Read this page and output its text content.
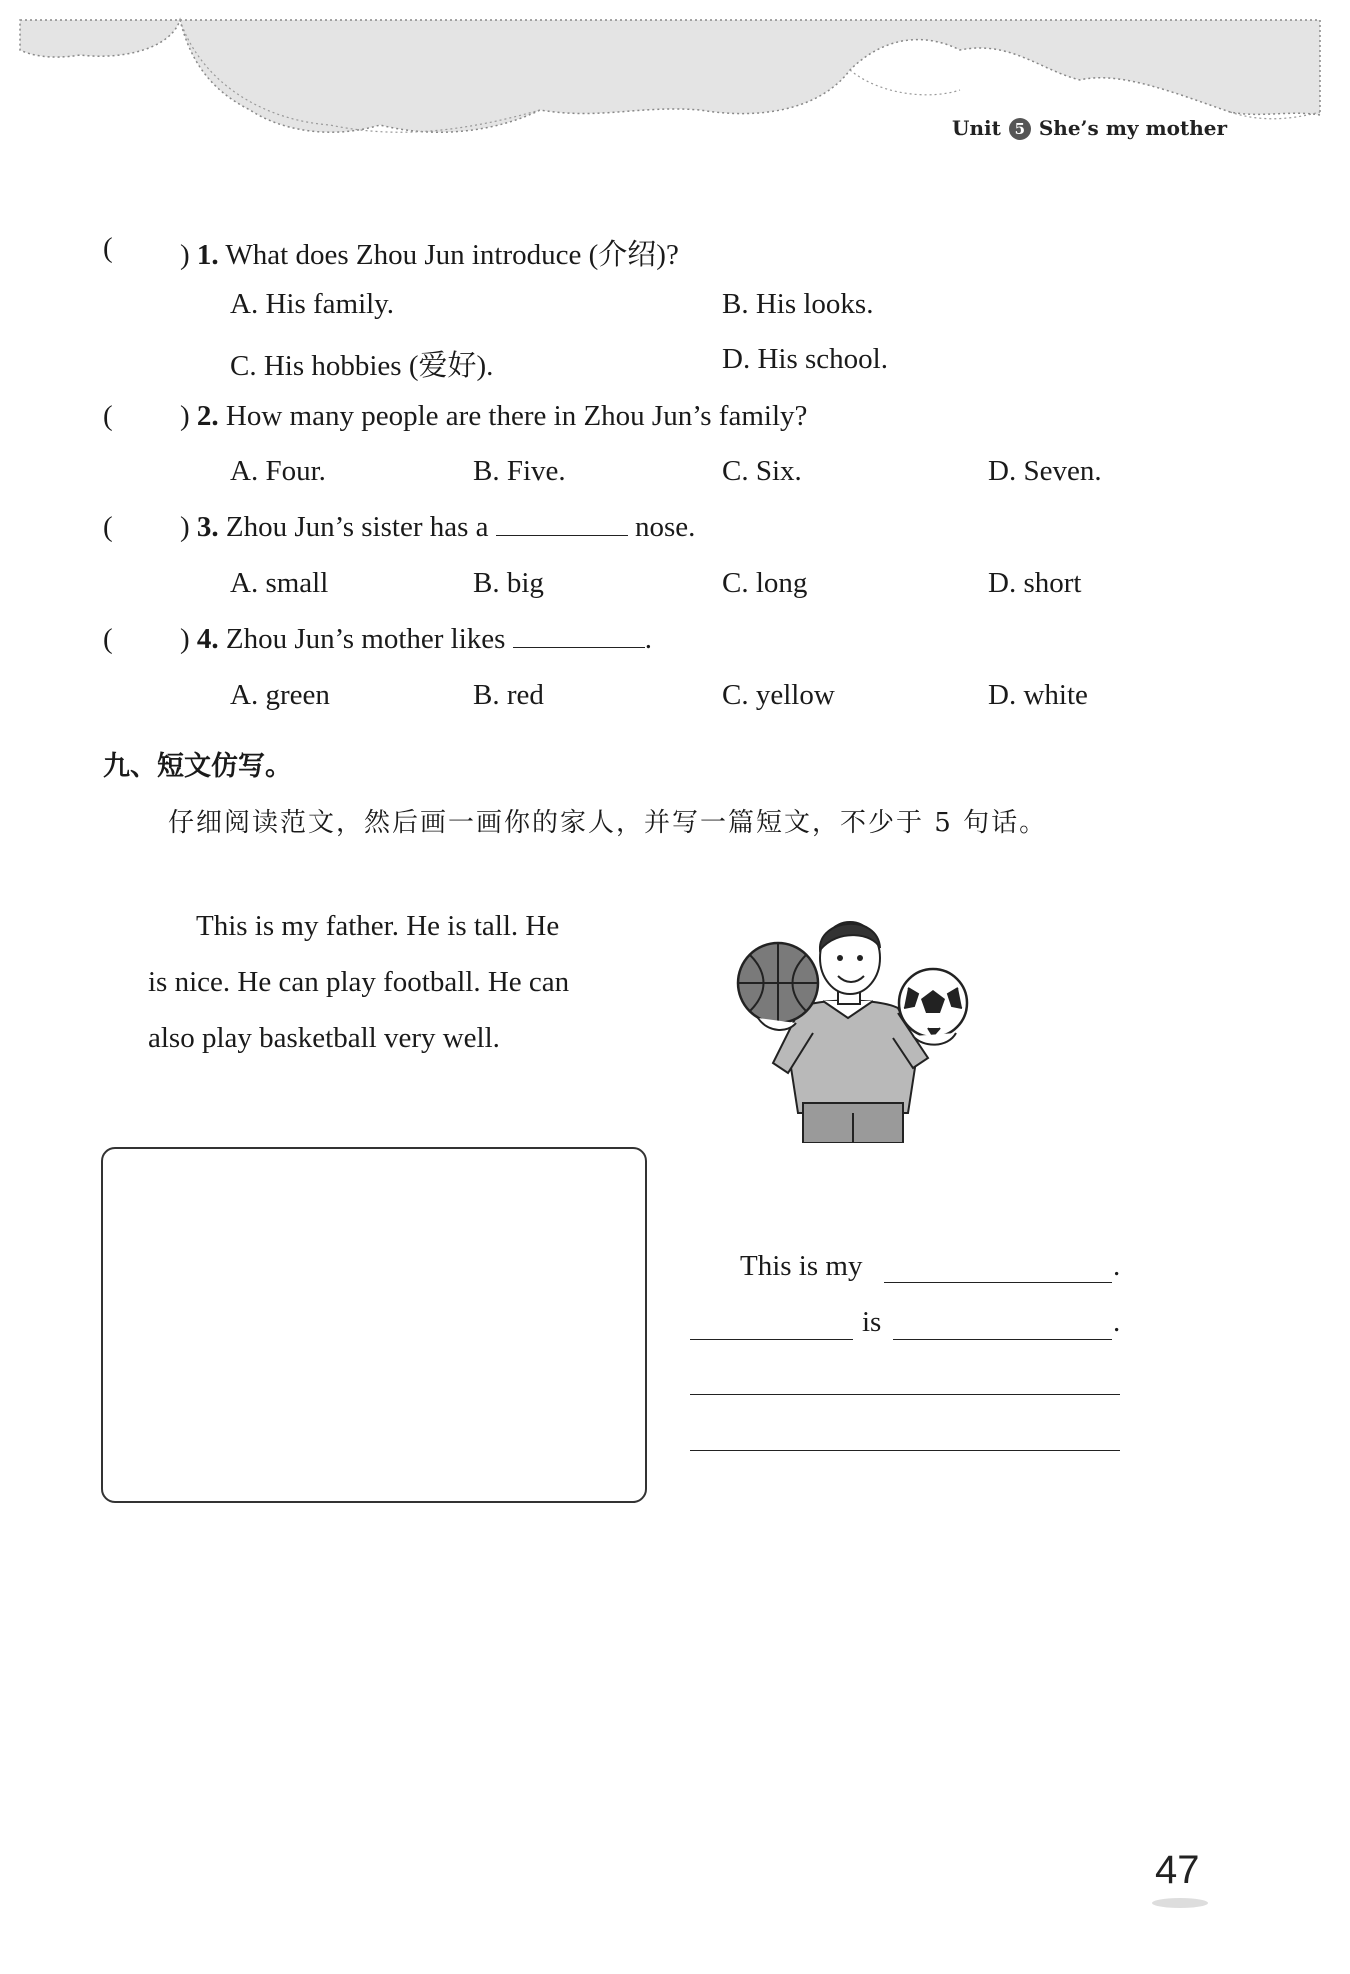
Unit 5 She’s my mother
( ) 1. What does Zhou Jun introduce (介绍)?
A. His family.	B. His looks.
C. His hobbies (爱好).	D. His school.
( ) 2. How many people are there in Zhou Jun’s family?
A. Four.	B. Five.	C. Six.	D. Seven.
( ) 3. Zhou Jun’s sister has a	nose.
A. small	B. big	C. long	D. short
( ) 4. Zhou Jun’s mother likes	.
A. green	B. red	C. yellow	D. white
九、短文仿写。
仔细阅读范文，然后画一画你的家人，并写一篇短文，不少于 5 句话。
This is my father. He is tall. He
is nice. He can play football. He can
also play basketball very well.
This is my	.
is	.
47
